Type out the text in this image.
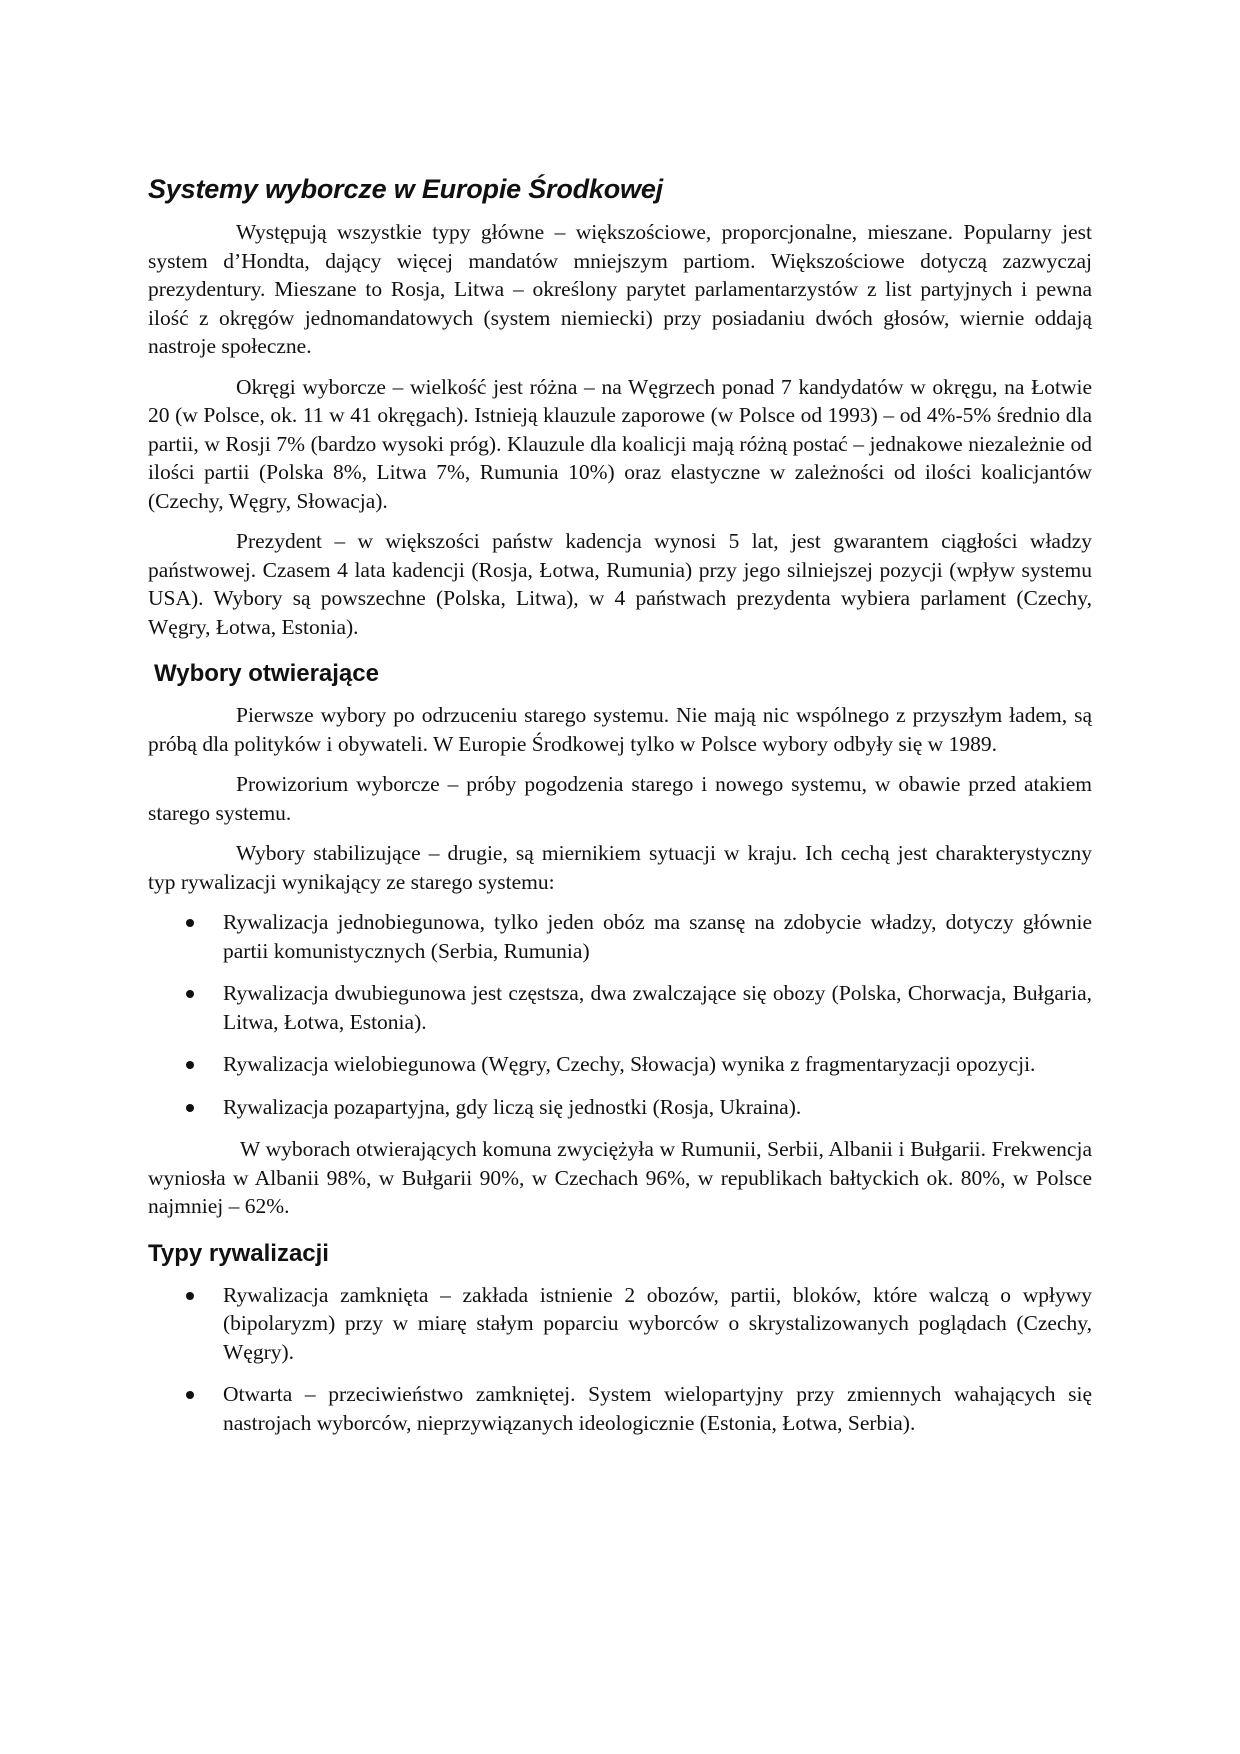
Systemy wyborcze w Europie Środkowej

Występują wszystkie typy główne – większościowe, proporcjonalne, mieszane. Popularny jest system d’Hondta, dający więcej mandatów mniejszym partiom. Większościowe dotyczą zazwyczaj prezydentury. Mieszane to Rosja, Litwa – określony parytet parlamentarzystów z list partyjnych i pewna ilość z okręgów jednomandatowych (system niemiecki) przy posiadaniu dwóch głosów, wiernie oddają nastroje społeczne.

Okręgi wyborcze – wielkość jest różna – na Węgrzech ponad 7 kandydatów w okręgu, na Łotwie 20 (w Polsce, ok. 11 w 41 okręgach). Istnieją klauzule zaporowe (w Polsce od 1993) – od 4%-5% średnio dla partii, w Rosji 7% (bardzo wysoki próg). Klauzule dla koalicji mają różną postać – jednakowe niezależnie od ilości partii (Polska 8%, Litwa 7%, Rumunia 10%) oraz elastyczne w zależności od ilości koalicjantów (Czechy, Węgry, Słowacja).

Prezydent – w większości państw kadencja wynosi 5 lat, jest gwarantem ciągłości władzy państwowej. Czasem 4 lata kadencji (Rosja, Łotwa, Rumunia) przy jego silniejszej pozycji (wpływ systemu USA). Wybory są powszechne (Polska, Litwa), w 4 państwach prezydenta wybiera parlament (Czechy, Węgry, Łotwa, Estonia).

Wybory otwierające

Pierwsze wybory po odrzuceniu starego systemu. Nie mają nic wspólnego z przyszłym ładem, są próbą dla polityków i obywateli. W Europie Środkowej tylko w Polsce wybory odbyły się w 1989.

Prowizorium wyborcze – próby pogodzenia starego i nowego systemu, w obawie przed atakiem starego systemu.

Wybory stabilizujące – drugie, są miernikiem sytuacji w kraju. Ich cechą jest charakterystyczny typ rywalizacji wynikający ze starego systemu:

Rywalizacja jednobiegunowa, tylko jeden obóz ma szansę na zdobycie władzy, dotyczy głównie partii komunistycznych (Serbia, Rumunia)
Rywalizacja dwubiegunowa jest częstsza, dwa zwalczające się obozy (Polska, Chorwacja, Bułgaria, Litwa, Łotwa, Estonia).
Rywalizacja wielobiegunowa (Węgry, Czechy, Słowacja) wynika z fragmentaryzacji opozycji.
Rywalizacja pozapartyjna, gdy liczą się jednostki (Rosja, Ukraina).

W wyborach otwierających komuna zwyciężyła w Rumunii, Serbii, Albanii i Bułgarii. Frekwencja wyniosła w Albanii 98%, w Bułgarii 90%, w Czechach 96%, w republikach bałtyckich ok. 80%, w Polsce najmniej – 62%.

Typy rywalizacji
Rywalizacja zamknięta – zakłada istnienie 2 obozów, partii, bloków, które walczą o wpływy (bipolaryzm) przy w miarę stałym poparciu wyborców o skrystalizowanych poglądach (Czechy, Węgry).
Otwarta – przeciwieństwo zamkniętej. System wielopartyjny przy zmiennych wahających się nastrojach wyborców, nieprzywiązanych ideologicznie (Estonia, Łotwa, Serbia).
